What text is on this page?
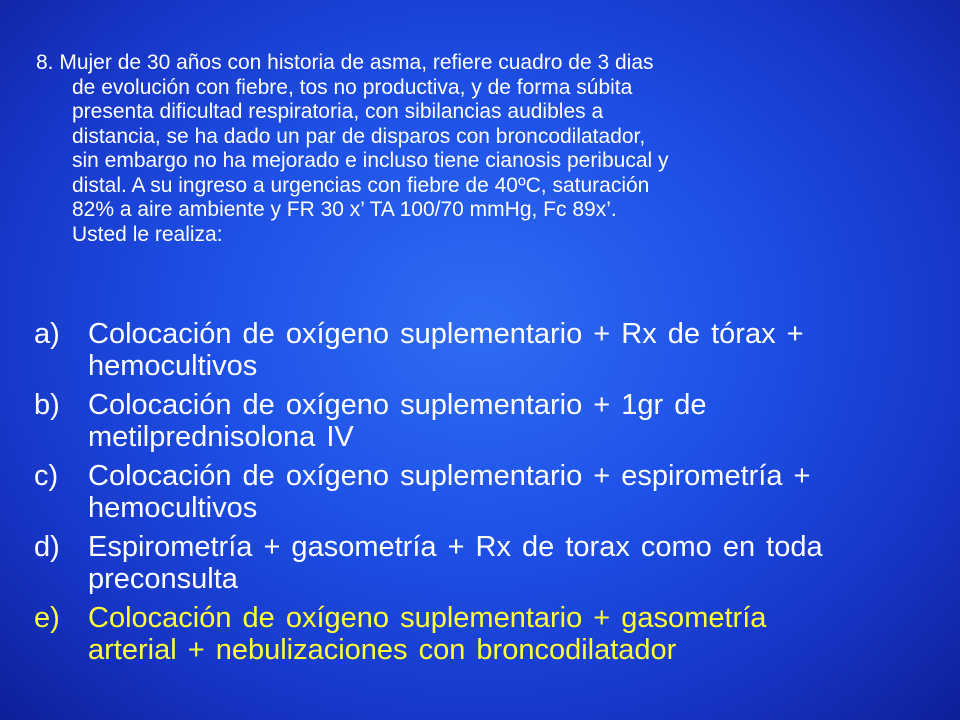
8. Mujer de 30 años con historia de asma, refiere cuadro de 3 dias
de evolución con fiebre, tos no productiva, y de forma súbita
presenta dificultad respiratoria, con sibilancias audibles a
distancia, se ha dado un par de disparos con broncodilatador,
sin embargo no ha mejorado e incluso tiene cianosis peribucal y
distal. A su ingreso a urgencias con fiebre de 40ºC, saturación
82% a aire ambiente y FR 30 x’ TA 100/70 mmHg, Fc 89x’.
Usted le realiza:
a) Colocación de oxígeno suplementario + Rx de tórax +
hemocultivos
b) Colocación de oxígeno suplementario + 1gr de
metilprednisolona IV
c) Colocación de oxígeno suplementario + espirometría +
hemocultivos
d) Espirometría + gasometría + Rx de torax como en toda
preconsulta
e) Colocación de oxígeno suplementario + gasometría
arterial + nebulizaciones con broncodilatador
